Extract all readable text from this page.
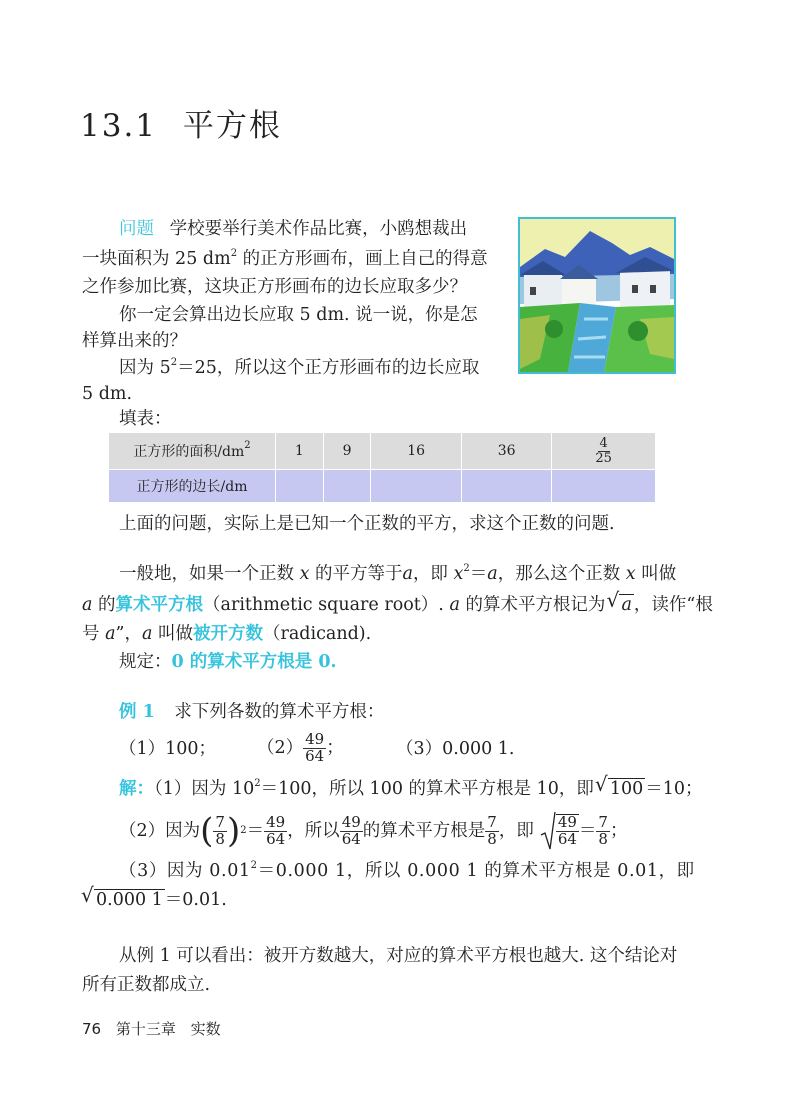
13.1 平方根
问题 学校要举行美术作品比赛，小鸥想裁出
一块面积为 25 $dm^2$ 的正方形画布，画上自己的得意
之作参加比赛，这块正方形画布的边长应取多少？
你一定会算出边长应取 5 dm. 说一说，你是怎
样算出来的？
因为 $5^2=25$，所以这个正方形画布的边长应取
5 dm.
填表：
正方形的面积$/dm^2$	1	9	16	36	$\frac{4}{25}$

正方形的边长/dm					
上面的问题，实际上是已知一个正数的平方，求这个正数的问题.
一般地，如果一个正数 x 的平方等于a，即 $x^2=a$，那么这个正数 x 叫做
a 的算术平方根（arithmetic square root）. a 的算术平方根记为 √ a ，读作“根
号 a”，a 叫做被开方数（radicand).
规定：0 的算术平方根是 0.
例 1 求下列各数的算术平方根：
（1）100； $(2) \frac{49}{64}$ ；	（3）0.000 1.
解：（1）因为 $10^2=100$，所以 100 的算术平方根是 10，即 √ 100 ＝10；
（2）因为 ( $\frac{7}{8}$ ) $2 = \frac{49}{64}$ ，所以 $\frac{49}{64}$ 的算术平方根是 $\frac{7}{8}$ ，即 $\frac{49}{64} = \frac{7}{8}$ ；
（3）因为 $0.01^2=0.000$ 1，所以 0.000 1 的算术平方根是 0.01，即
√ 0.000 1 ＝0.01.
从例 1 可以看出：被开方数越大，对应的算术平方根也越大. 这个结论对
所有正数都成立.
76 第十三章 实数
